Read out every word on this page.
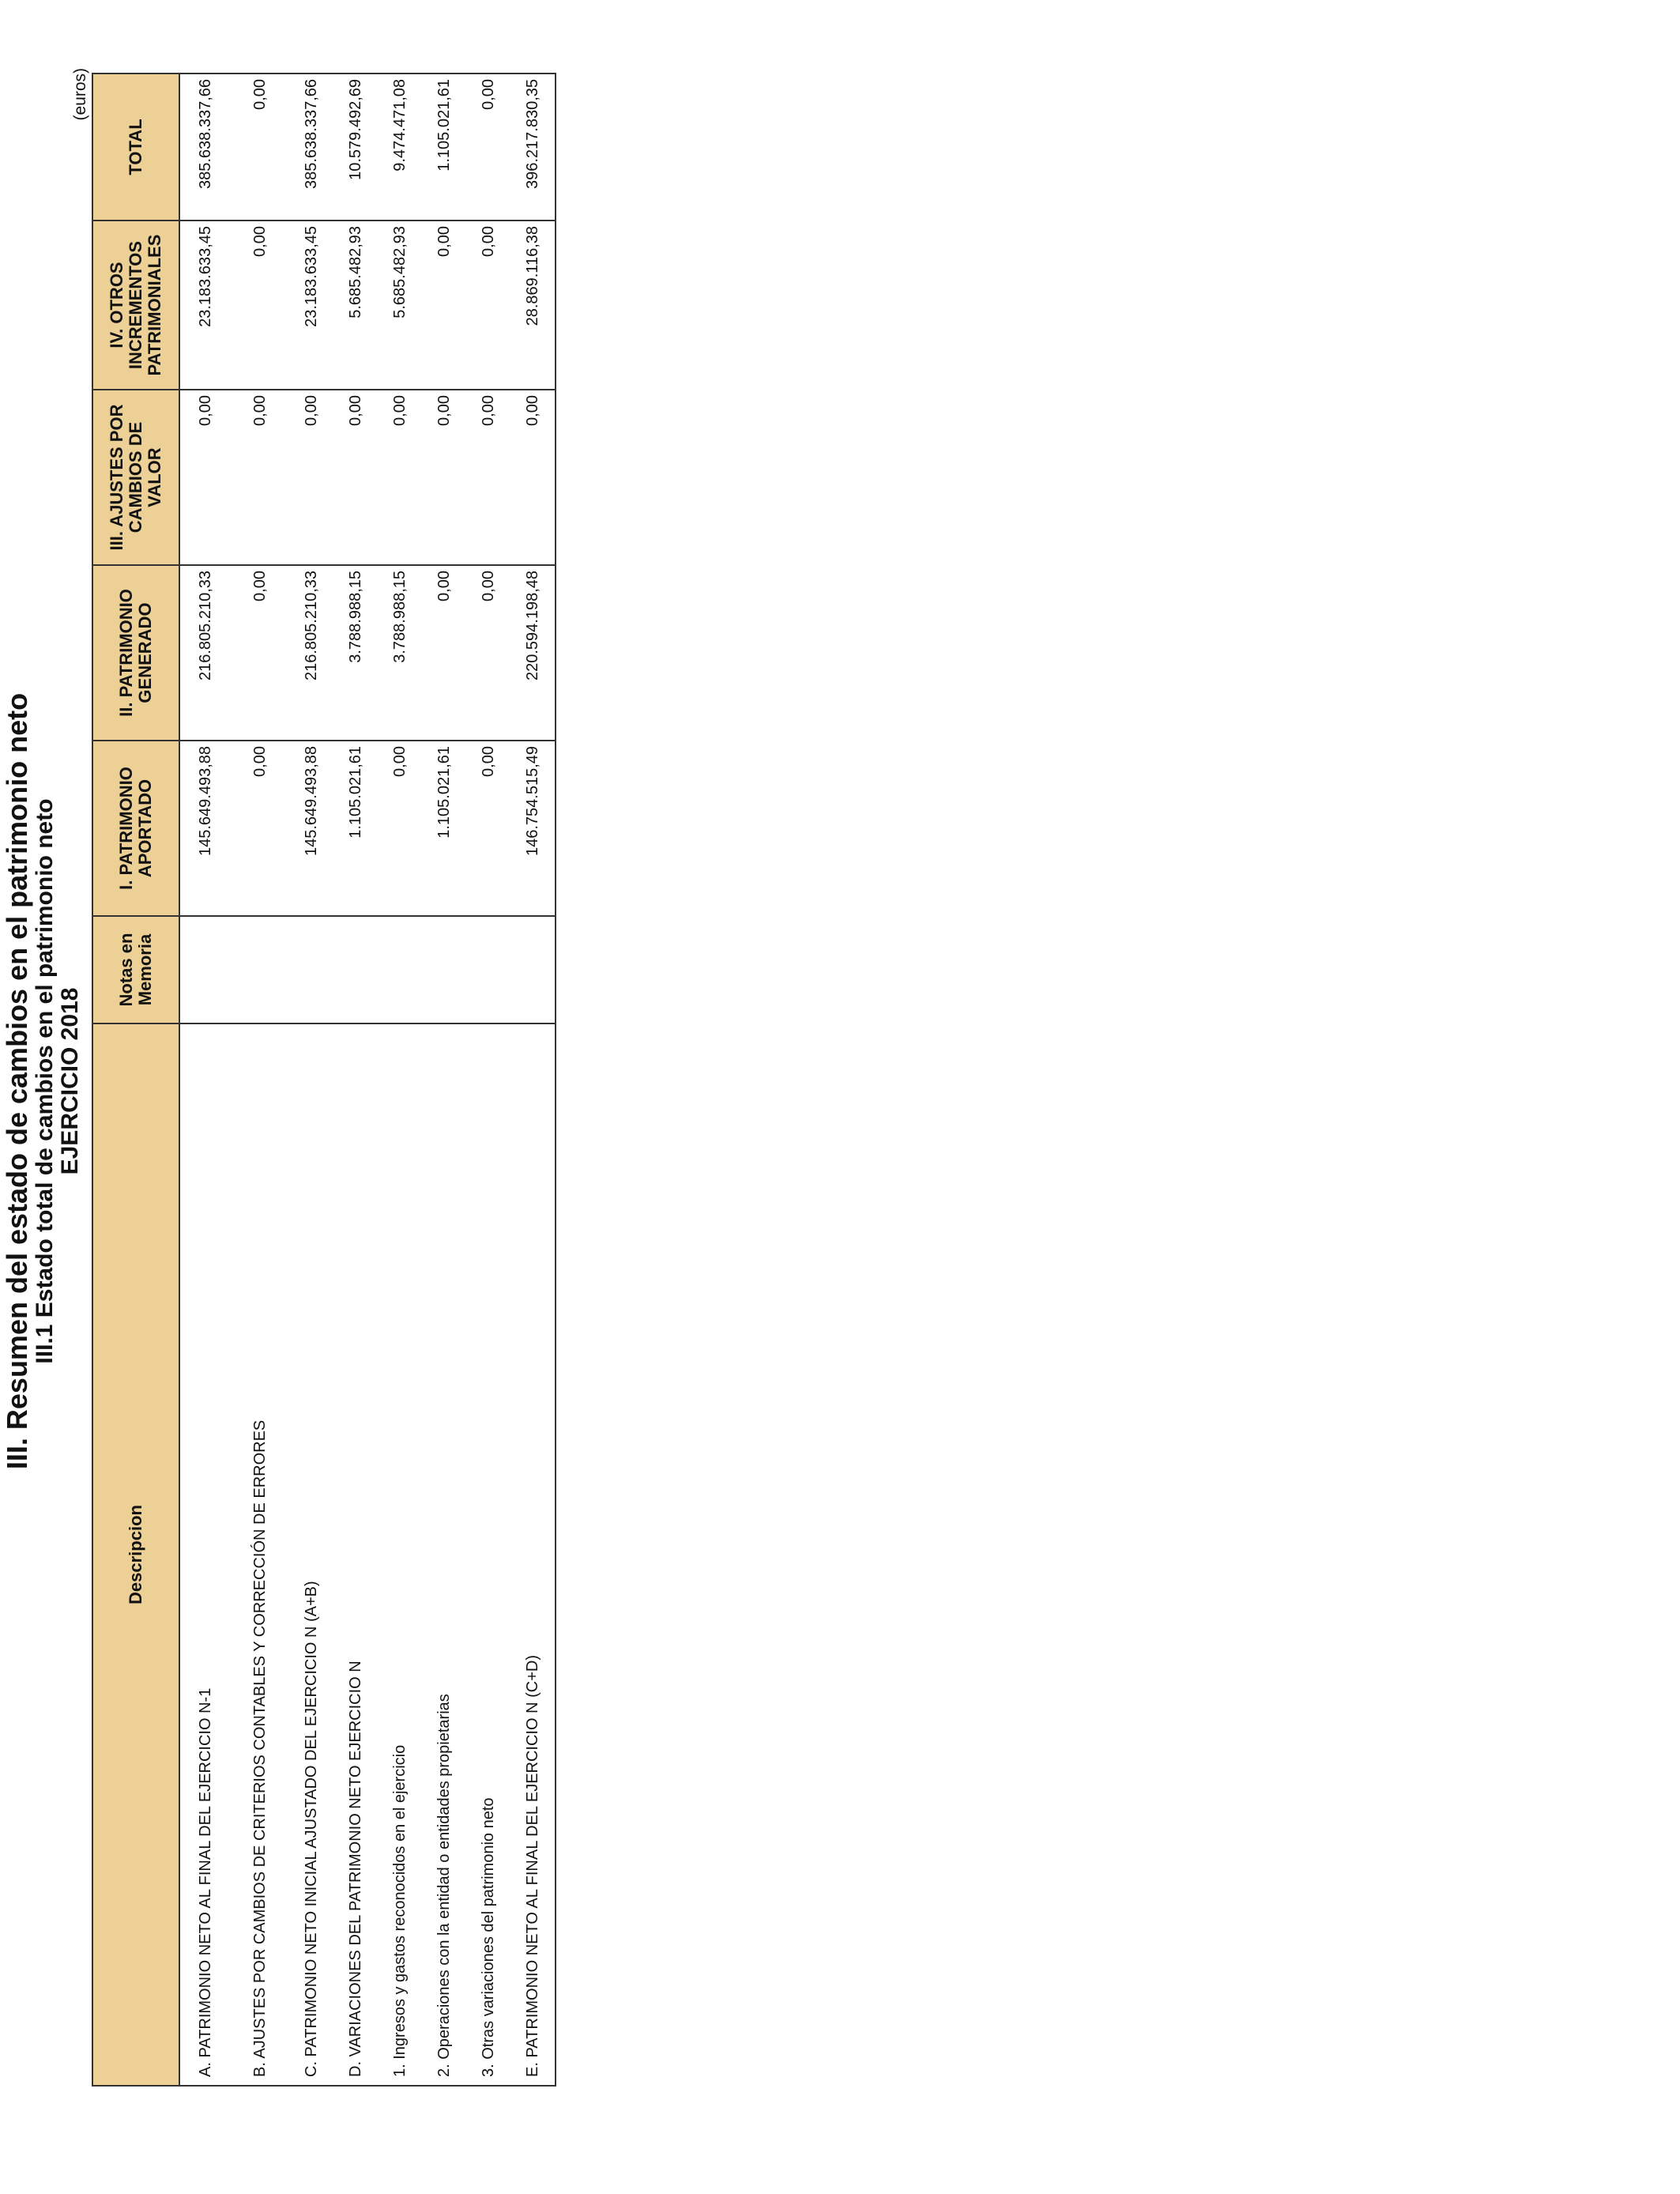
III. Resumen del estado de cambios en el patrimonio neto
III.1 Estado total de cambios en el patrimonio neto EJERCICIO 2018
(euros)
Descripcion	Notas en Memoria	I. PATRIMONIO APORTADO	II. PATRIMONIO GENERADO	III. AJUSTES POR CAMBIOS DE VALOR	IV. OTROS INCREMENTOS PATRIMONIALES	TOTAL
A. PATRIMONIO NETO AL FINAL DEL EJERCICIO N-1		145.649.493,88	216.805.210,33	0,00	23.183.633,45	385.638.337,66
B. AJUSTES POR CAMBIOS DE CRITERIOS CONTABLES Y CORRECCIÓN DE ERRORES		0,00	0,00	0,00	0,00	0,00
C. PATRIMONIO NETO INICIAL AJUSTADO DEL EJERCICIO N (A+B)		145.649.493,88	216.805.210,33	0,00	23.183.633,45	385.638.337,66
D. VARIACIONES DEL PATRIMONIO NETO EJERCICIO N		1.105.021,61	3.788.988,15	0,00	5.685.482,93	10.579.492,69
1. Ingresos y gastos reconocidos en el ejercicio		0,00	3.788.988,15	0,00	5.685.482,93	9.474.471,08
2. Operaciones con la entidad o entidades propietarias		1.105.021,61	0,00	0,00	0,00	1.105.021,61
3. Otras variaciones del patrimonio neto		0,00	0,00	0,00	0,00	0,00
E. PATRIMONIO NETO AL FINAL DEL EJERCICIO N (C+D)		146.754.515,49	220.594.198,48	0,00	28.869.116,38	396.217.830,35
